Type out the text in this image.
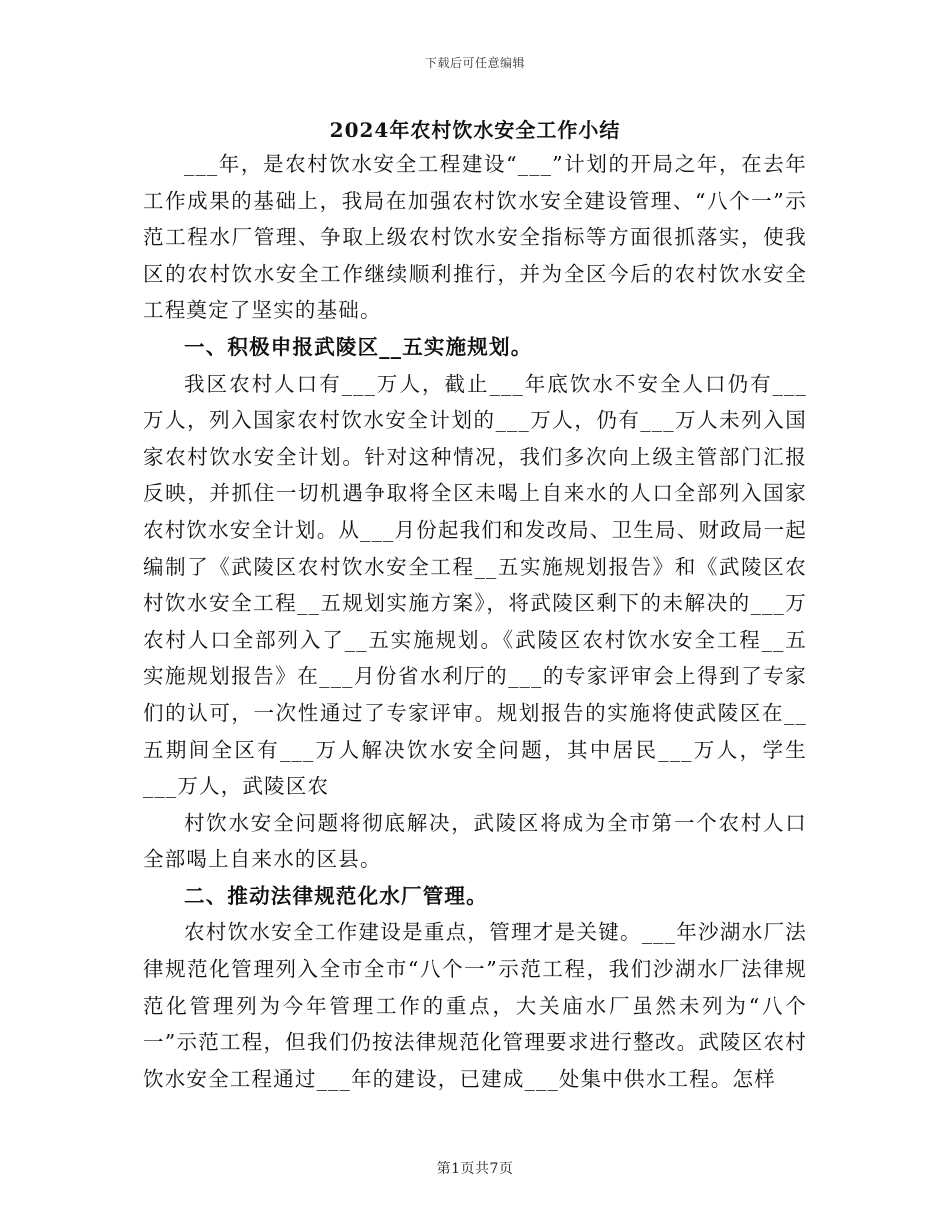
下载后可任意编辑
2024年农村饮水安全工作小结

___年，是农村饮水安全工程建设“___”计划的开局之年，在去年工作成果的基础上，我局在加强农村饮水安全建设管理、“八个一”示范工程水厂管理、争取上级农村饮水安全指标等方面很抓落实，使我区的农村饮水安全工作继续顺利推行，并为全区今后的农村饮水安全工程奠定了坚实的基础。

一、积极申报武陵区__五实施规划。

我区农村人口有___万人，截止___年底饮水不安全人口仍有___万人，列入国家农村饮水安全计划的___万人，仍有___万人未列入国家农村饮水安全计划。针对这种情况，我们多次向上级主管部门汇报反映，并抓住一切机遇争取将全区未喝上自来水的人口全部列入国家农村饮水安全计划。从___月份起我们和发改局、卫生局、财政局一起编制了《武陵区农村饮水安全工程__五实施规划报告》和《武陵区农村饮水安全工程__五规划实施方案》，将武陵区剩下的未解决的___万农村人口全部列入了__五实施规划。《武陵区农村饮水安全工程__五实施规划报告》在___月份省水利厅的___的专家评审会上得到了专家们的认可，一次性通过了专家评审。规划报告的实施将使武陵区在__五期间全区有___万人解决饮水安全问题，其中居民___万人，学生___万人，武陵区农

村饮水安全问题将彻底解决，武陵区将成为全市第一个农村人口全部喝上自来水的区县。

二、推动法律规范化水厂管理。

农村饮水安全工作建设是重点，管理才是关键。___年沙湖水厂法律规范化管理列入全市全市“八个一”示范工程，我们沙湖水厂法律规范化管理列为今年管理工作的重点，大关庙水厂虽然未列为“八个一”示范工程，但我们仍按法律规范化管理要求进行整改。武陵区农村饮水安全工程通过___年的建设，已建成___处集中供水工程。怎样

第1页共7页
